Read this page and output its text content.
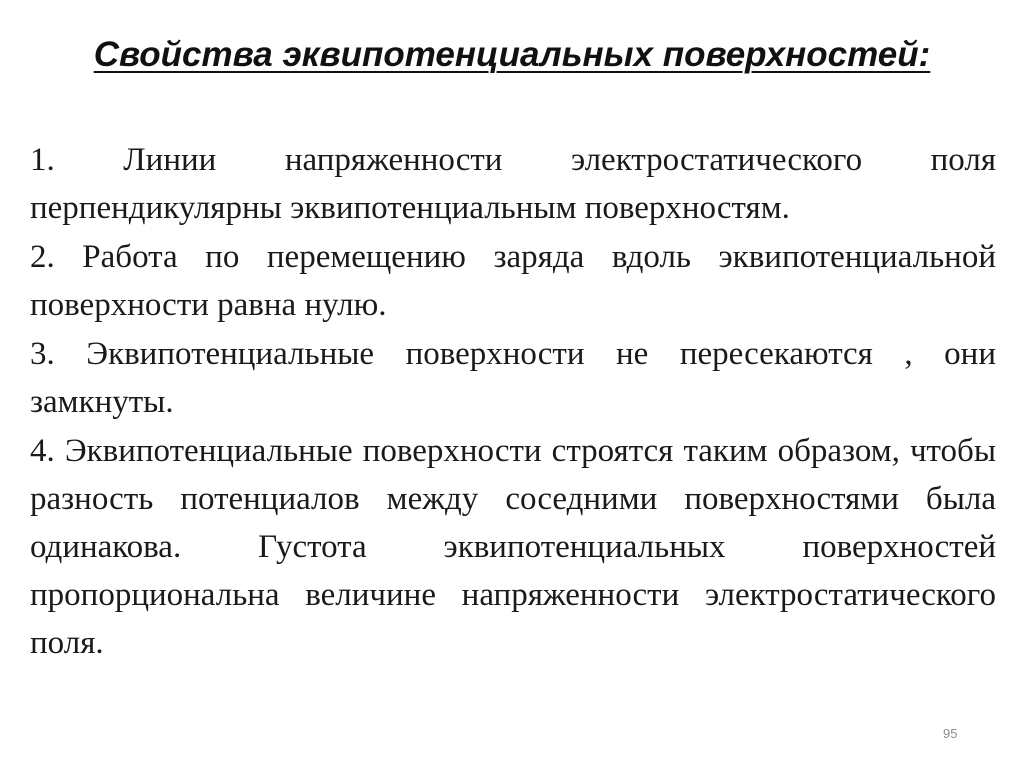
Свойства эквипотенциальных поверхностей:

1. Линии напряженности электростатического поля перпендикулярны эквипотенциальным поверхностям.

2. Работа по перемещению заряда вдоль эквипотенциальной поверхности равна нулю.

3. Эквипотенциальные поверхности не пересекаются , они замкнуты.

4. Эквипотенциальные поверхности строятся таким образом, чтобы разность потенциалов между соседними поверхностями была одинакова. Густота эквипотенциальных поверхностей пропорциональна величине напряженности электростатического поля.

95
